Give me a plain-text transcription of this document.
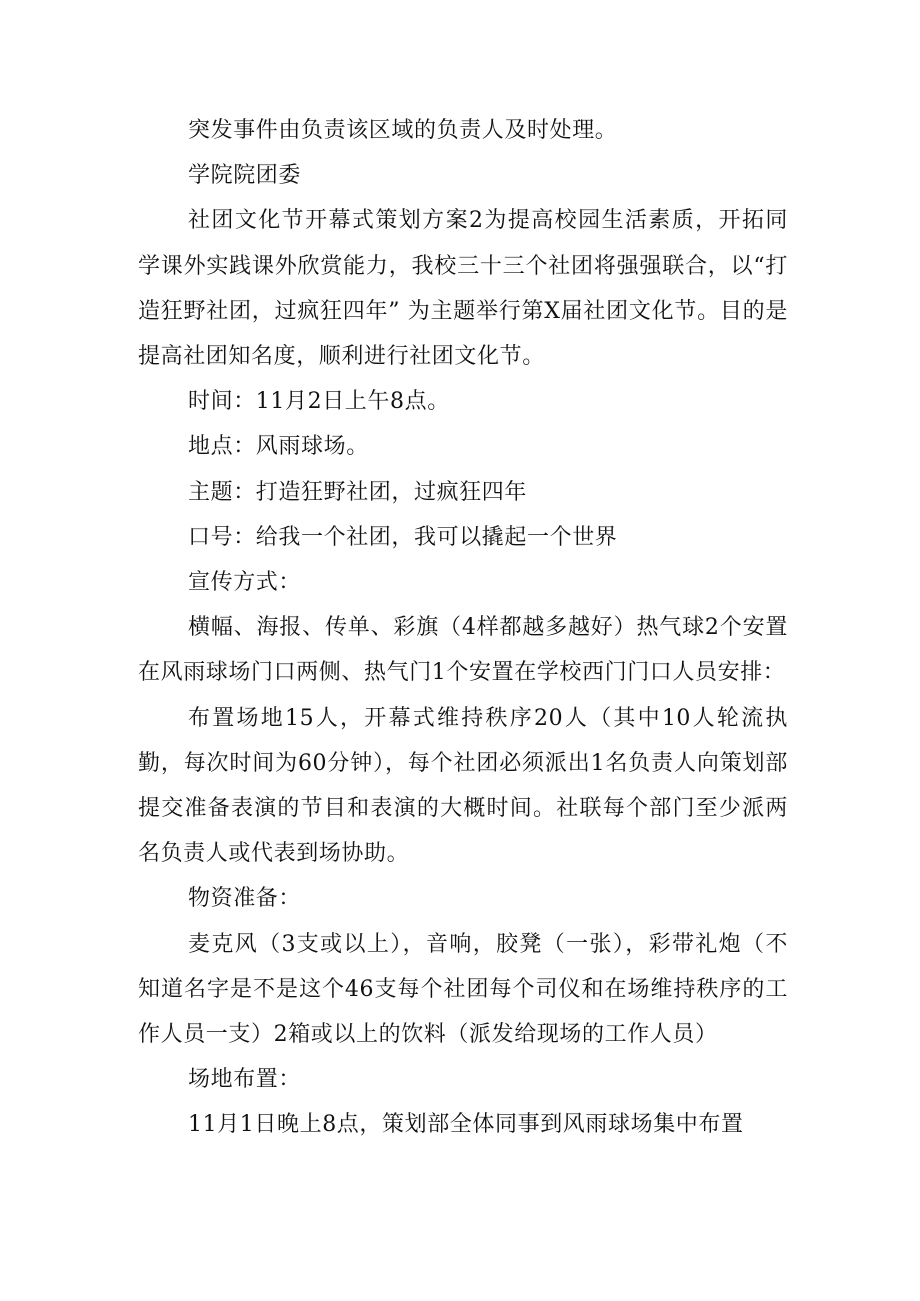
突发事件由负责该区域的负责人及时处理。

学院院团委

社团文化节开幕式策划方案2为提高校园生活素质，开拓同学课外实践课外欣赏能力，我校三十三个社团将强强联合，以“打造狂野社团，过疯狂四年” 为主题举行第X届社团文化节。目的是提高社团知名度，顺利进行社团文化节。

时间：11月2日上午8点。

地点：风雨球场。

主题：打造狂野社团，过疯狂四年

口号：给我一个社团，我可以撬起一个世界

宣传方式：

横幅、海报、传单、彩旗（4样都越多越好）热气球2个安置在风雨球场门口两侧、热气门1个安置在学校西门门口人员安排：

布置场地15人，开幕式维持秩序20人（其中10人轮流执勤，每次时间为60分钟），每个社团必须派出1名负责人向策划部提交准备表演的节目和表演的大概时间。社联每个部门至少派两名负责人或代表到场协助。

物资准备：

麦克风（3支或以上），音响，胶凳（一张），彩带礼炮（不知道名字是不是这个46支每个社团每个司仪和在场维持秩序的工作人员一支）2箱或以上的饮料（派发给现场的工作人员）

场地布置：

11月1日晚上8点，策划部全体同事到风雨球场集中布置
